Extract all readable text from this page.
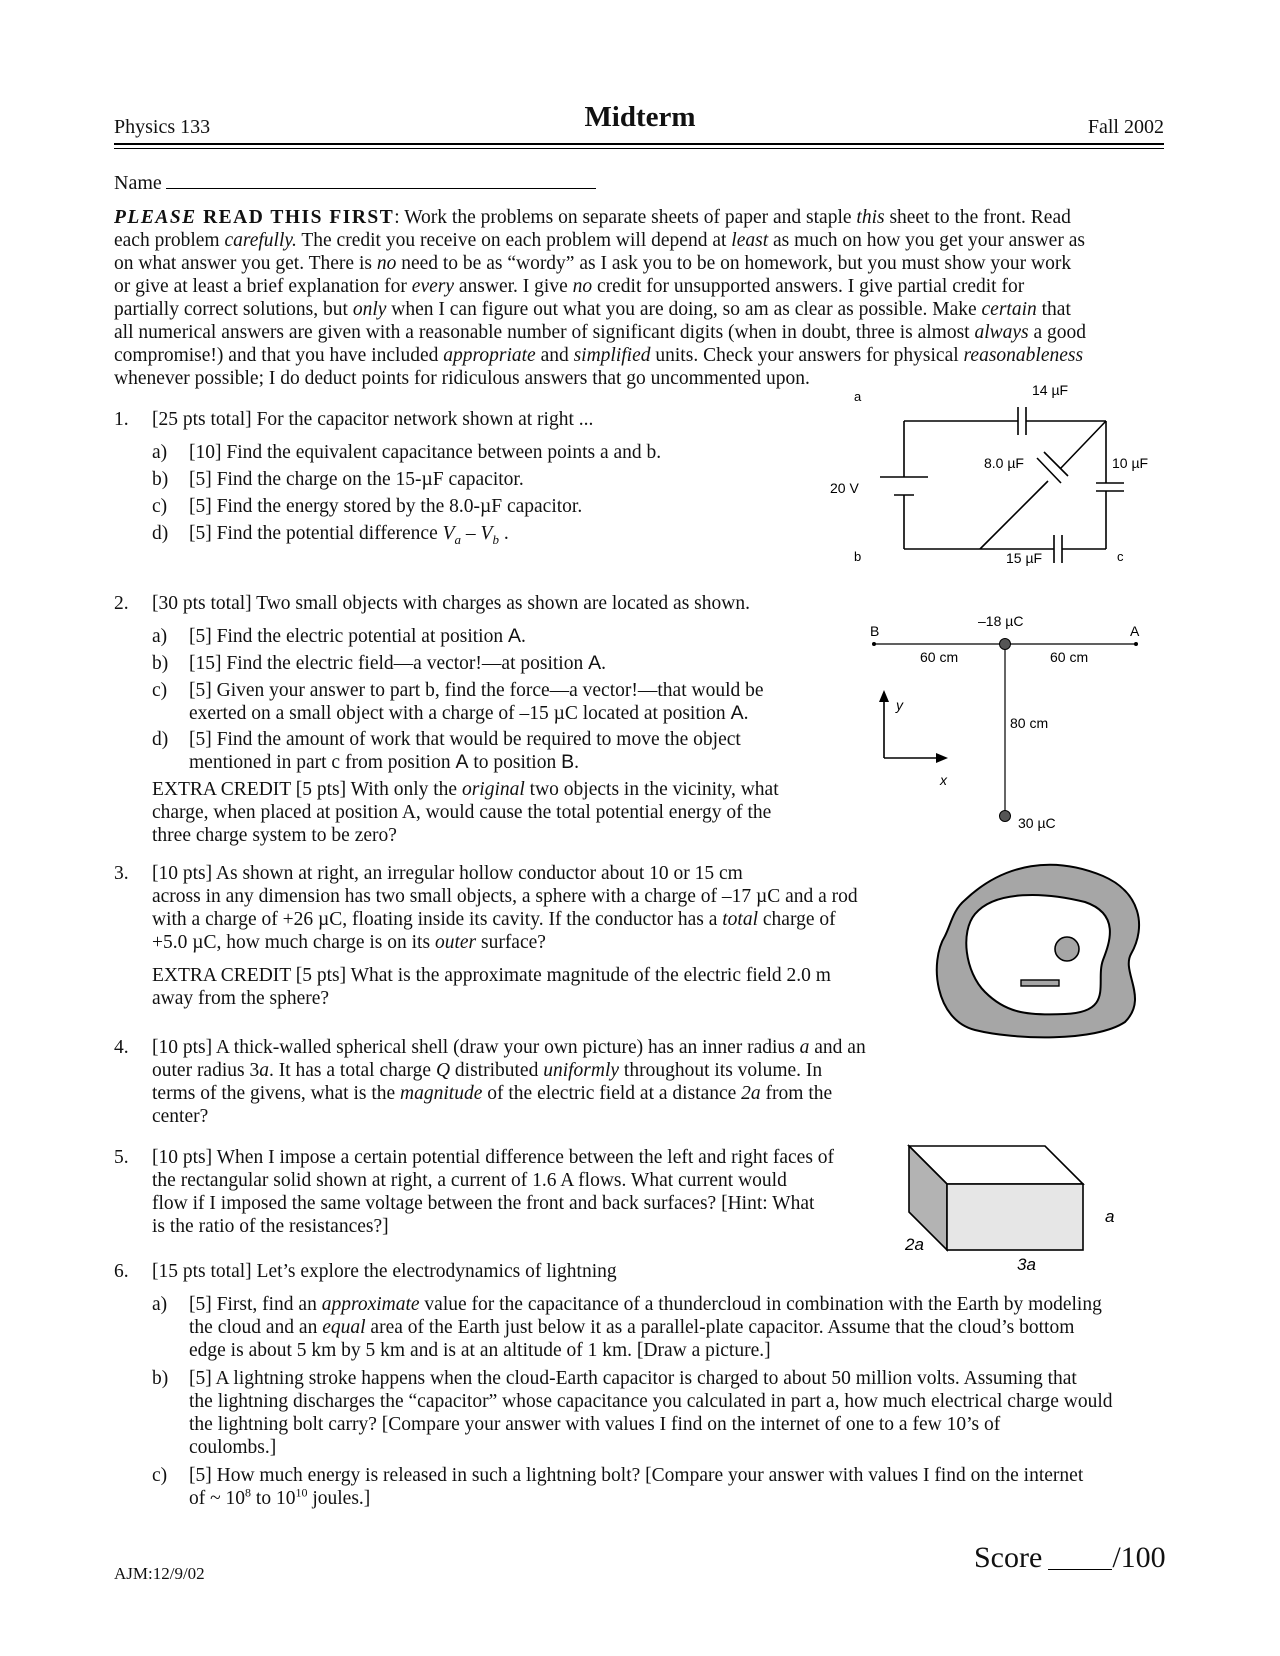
Physics 133	Midterm	Fall 2002
Name
PLEASE READ THIS FIRST: Work the problems on separate sheets of paper and staple this sheet to the front. Read
each problem carefully. The credit you receive on each problem will depend at least as much on how you get your answer as
on what answer you get. There is no need to be as “wordy” as I ask you to be on homework, but you must show your work
or give at least a brief explanation for every answer. I give no credit for unsupported answers. I give partial credit for
partially correct solutions, but only when I can figure out what you are doing, so am as clear as possible. Make certain that
all numerical answers are given with a reasonable number of significant digits (when in doubt, three is almost always a good
compromise!) and that you have included appropriate and simplified units. Check your answers for physical reasonableness
whenever possible; I do deduct points for ridiculous answers that go uncommented upon.
1. [25 pts total] For the capacitor network shown at right ...
a) [10] Find the equivalent capacitance between points a and b.
b) [5] Find the charge on the 15-µF capacitor.
c) [5] Find the energy stored by the 8.0-µF capacitor.
d) [5] Find the potential difference $V_a - V_b$ .
a
b	c
14 µF
8.0 µF	10 µF
15 µF
20 V
2. [30 pts total] Two small objects with charges as shown are located as shown.
a) [5] Find the electric potential at position A.
b) [15] Find the electric field—a vector!—at position A.
c) [5] Given your answer to part b, find the force—a vector!—that would be
exerted on a small object with a charge of –15 µC located at position A.
d) [5] Find the amount of work that would be required to move the object
mentioned in part c from position A to position B.
EXTRA CREDIT [5 pts] With only the original two objects in the vicinity, what
charge, when placed at position A, would cause the total potential energy of the
three charge system to be zero?
B	A
–18 µC
60 cm	60 cm
80 cm
30 µC
y
x
3. [10 pts] As shown at right, an irregular hollow conductor about 10 or 15 cm
across in any dimension has two small objects, a sphere with a charge of –17 µC and a rod
with a charge of +26 µC, floating inside its cavity. If the conductor has a total charge of
+5.0 µC, how much charge is on its outer surface?
EXTRA CREDIT [5 pts] What is the approximate magnitude of the electric field 2.0 m
away from the sphere?
4. [10 pts] A thick-walled spherical shell (draw your own picture) has an inner radius a and an
outer radius 3a. It has a total charge Q distributed uniformly throughout its volume. In
terms of the givens, what is the magnitude of the electric field at a distance 2a from the
center?
5. [10 pts] When I impose a certain potential difference between the left and right faces of
the rectangular solid shown at right, a current of 1.6 A flows. What current would
flow if I imposed the same voltage between the front and back surfaces? [Hint: What
is the ratio of the resistances?]	a
2a
3a
6. [15 pts total] Let’s explore the electrodynamics of lightning
a) [5] First, find an approximate value for the capacitance of a thundercloud in combination with the Earth by modeling
the cloud and an equal area of the Earth just below it as a parallel-plate capacitor. Assume that the cloud’s bottom
edge is about 5 km by 5 km and is at an altitude of 1 km. [Draw a picture.]
b) [5] A lightning stroke happens when the cloud-Earth capacitor is charged to about 50 million volts. Assuming that
the lightning discharges the “capacitor” whose capacitance you calculated in part a, how much electrical charge would
the lightning bolt carry? [Compare your answer with values I find on the internet of one to a few 10’s of
coulombs.]
c) [5] How much energy is released in such a lightning bolt? [Compare your answer with values I find on the internet
of ~ $10^8$ to $10^{10}$ joules.]
AJM:12/9/02	Score /100
